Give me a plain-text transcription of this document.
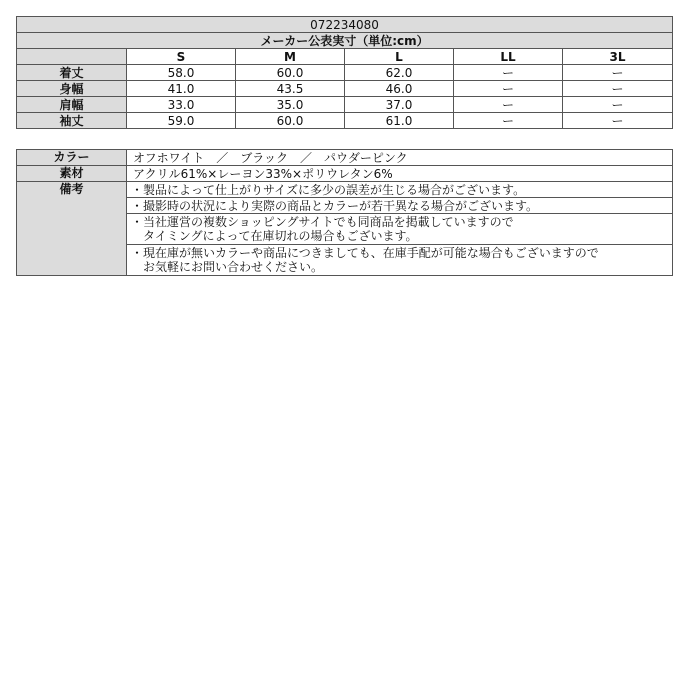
072234080					
メーカー公表実寸（単位:cm）					
	S	M	L	LL	3L
着丈	58.0	60.0	62.0	ー	ー
身幅	41.0	43.5	46.0	ー	ー
肩幅	33.0	35.0	37.0	ー	ー
袖丈	59.0	60.0	61.0	ー	ー
カラー	オフホワイト　／　ブラック　／　パウダーピンク
素材	アクリル61%×レーヨン33%×ポリウレタン6%
備考	・製品によって仕上がりサイズに多少の誤差が生じる場合がございます。

	・撮影時の状況により実際の商品とカラーが若干異なる場合がございます。

	・当社運営の複数ショッピングサイトでも同商品を掲載していますので
　タイミングによって在庫切れの場合もございます。

	・現在庫が無いカラーや商品につきましても、在庫手配が可能な場合もございますので
　お気軽にお問い合わせください。
